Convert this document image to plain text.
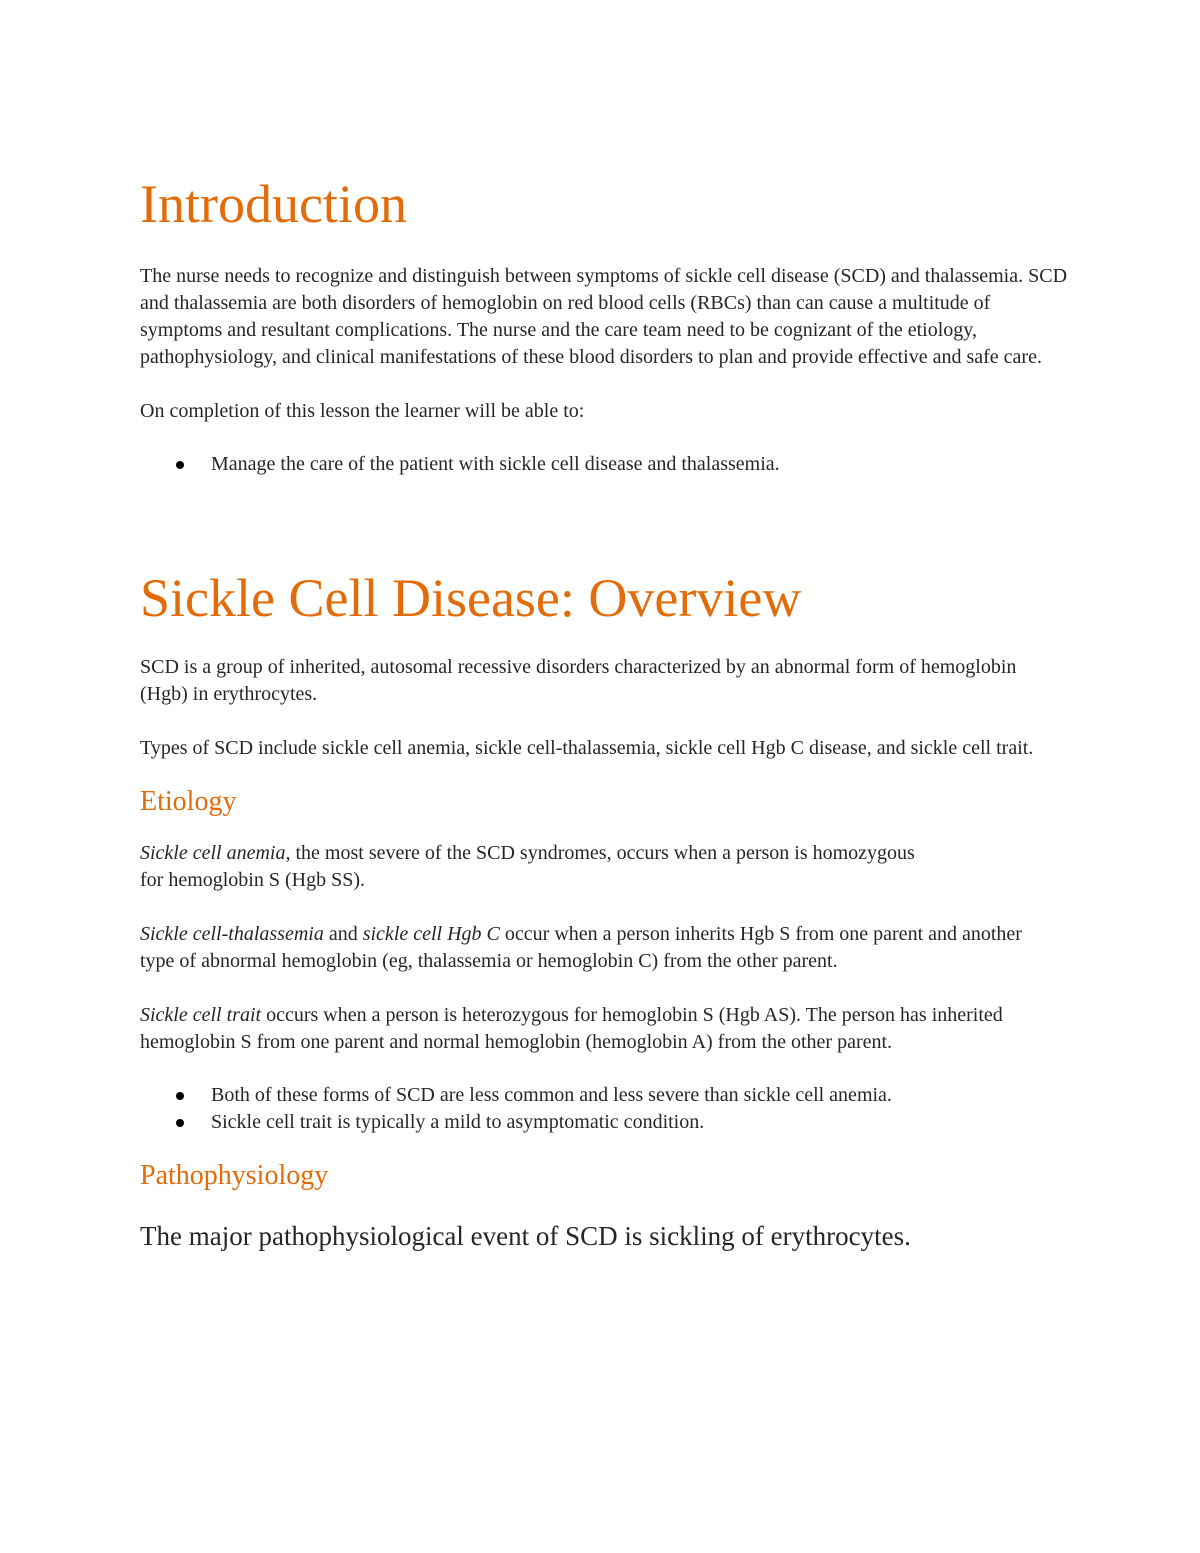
Introduction

The nurse needs to recognize and distinguish between symptoms of sickle cell disease (SCD) and thalassemia. SCD and thalassemia are both disorders of hemoglobin on red blood cells (RBCs) than can cause a multitude of symptoms and resultant complications. The nurse and the care team need to be cognizant of the etiology, pathophysiology, and clinical manifestations of these blood disorders to plan and provide effective and safe care.

On completion of this lesson the learner will be able to:

Manage the care of the patient with sickle cell disease and thalassemia.
Sickle Cell Disease: Overview

SCD is a group of inherited, autosomal recessive disorders characterized by an abnormal form of hemoglobin (Hgb) in erythrocytes.

Types of SCD include sickle cell anemia, sickle cell-thalassemia, sickle cell Hgb C disease, and sickle cell trait.

Etiology

Sickle cell anemia, the most severe of the SCD syndromes, occurs when a person is homozygous for hemoglobin S (Hgb SS).

Sickle cell-thalassemia and sickle cell Hgb C occur when a person inherits Hgb S from one parent and another type of abnormal hemoglobin (eg, thalassemia or hemoglobin C) from the other parent.

Sickle cell trait occurs when a person is heterozygous for hemoglobin S (Hgb AS). The person has inherited hemoglobin S from one parent and normal hemoglobin (hemoglobin A) from the other parent.

Both of these forms of SCD are less common and less severe than sickle cell anemia.
Sickle cell trait is typically a mild to asymptomatic condition.
Pathophysiology

The major pathophysiological event of SCD is sickling of erythrocytes.
